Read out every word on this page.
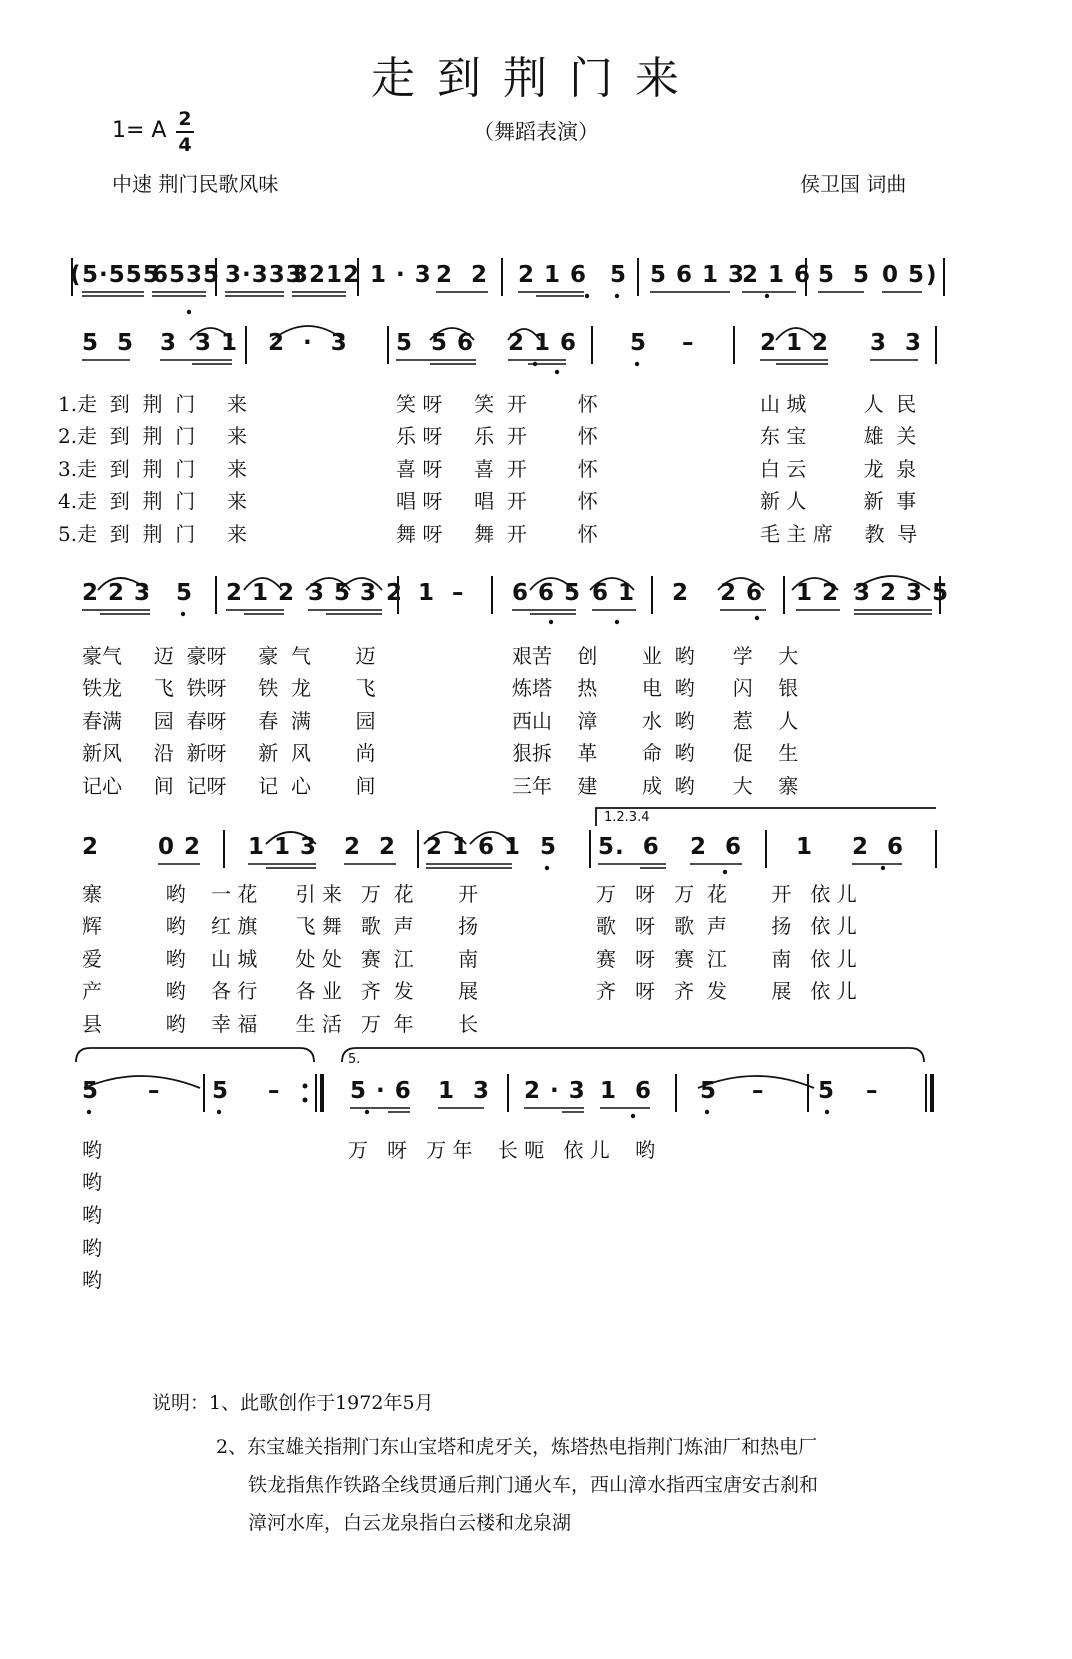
走到荆门来
（舞蹈表演）
1= A 2
4
中速 荆门民歌风味	侯卫国 词曲
( 5·555
6535 3·333
3212 1 · 3 2  2 2 1 6 5 5 6 1 3
2 1 6 5  5 0 5 )
5  5 3  3 1 2  ·  3 5  5 6 2 1 6 5 –	2 1 2 3  3
1.走  到  荆  门     来	笑 呀     笑  开        怀	山 城         人  民
2.走  到  荆  门     来	乐 呀     乐  开        怀	东 宝         雄  关
3.走  到  荆  门     来	喜 呀     喜  开        怀	白 云         龙  泉
4.走  到  荆  门     来	唱 呀     唱  开        怀	新 人         新  事
5.走  到  荆  门     来	舞 呀     舞  开        怀	毛 主 席     教  导
2 2 3 5 2 1 2 3 5 3 2 1 – 6 6 5 6 1 2 2 6 1 2 3 2 3 5
豪气     迈  豪呀     豪  气       迈	艰苦    创       业  哟      学    大
铁龙     飞  铁呀     铁  龙       飞	炼塔    热       电  哟      闪    银
春满     园  春呀     春  满       园	西山    漳       水  哟      惹    人
新风     沿  新呀     新  风       尚	狠拆    革       命  哟      促    生
记心     间  记呀     记  心       间	三年    建       成  哟      大    寨
2	0 2 1 1 3 2  2 2 1 6 1 5 5.  6 2  6 1 2  6
寨          哟    一 花      引 来   万  花       开	万   呀   万  花       开   依 儿
辉          哟    红 旗      飞 舞   歌  声       扬	歌   呀   歌  声       扬   依 儿
爱          哟    山 城      处 处   赛  江       南	赛   呀   赛  江       南   依 儿
产          哟    各 行      各 业   齐  发       展	齐   呀   齐  发       展   依 儿
县          哟    幸 福      生 活   万  年       长
5 – 5 –	5 · 6 1  3 2 · 3 1  6 5 – 5 –
哟	万   呀   万 年    长 呃   依 儿    哟
哟
哟
哟
哟
1.2.3.4
5.
说明：1、此歌创作于1972年5月
2、东宝雄关指荆门东山宝塔和虎牙关，炼塔热电指荆门炼油厂和热电厂
铁龙指焦作铁路全线贯通后荆门通火车，西山漳水指西宝唐安古刹和
漳河水库，白云龙泉指白云楼和龙泉湖
